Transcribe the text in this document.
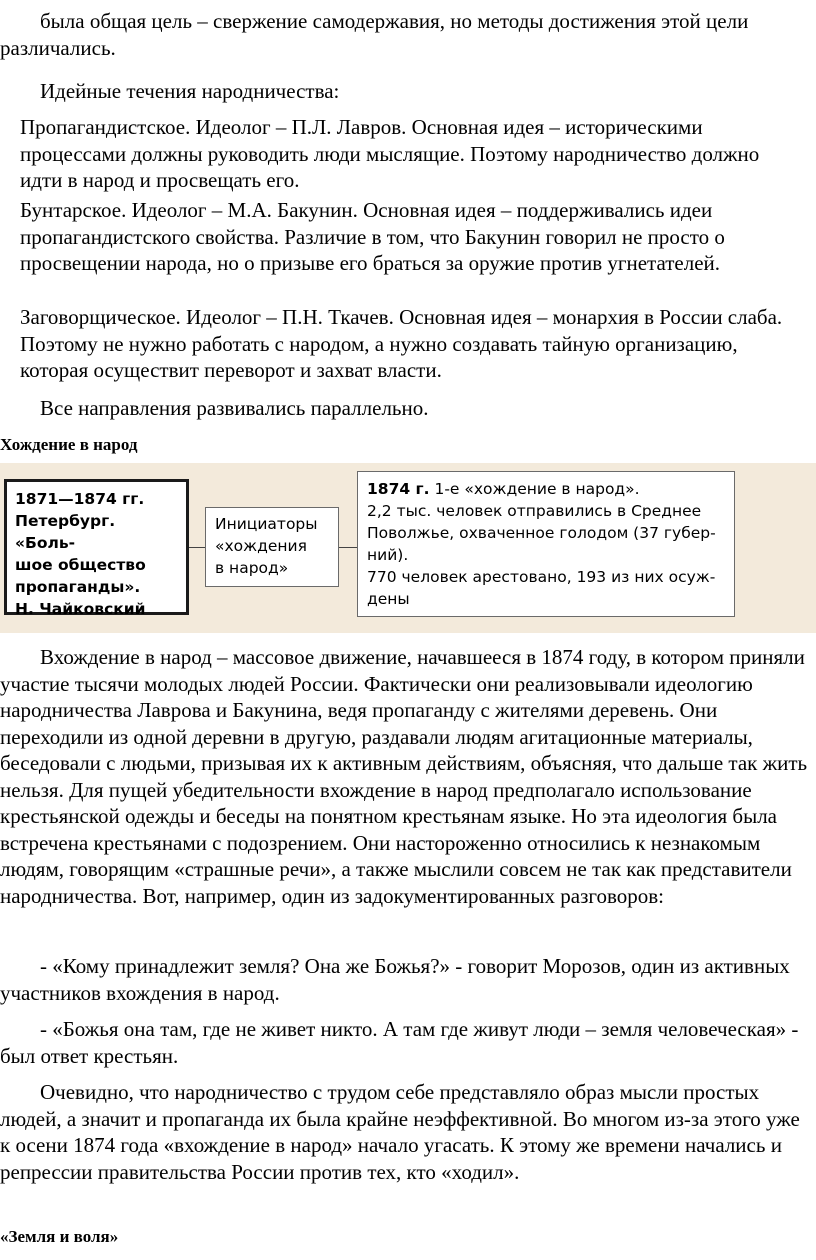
была общая цель – свержение самодержавия, но методы достижения этой цели различались.

Идейные течения народничества:

Пропагандистское. Идеолог – П.Л. Лавров. Основная идея – историческими процессами должны руководить люди мыслящие. Поэтому народничество должно идти в народ и просвещать его.

Бунтарское. Идеолог – М.А. Бакунин. Основная идея – поддерживались идеи пропагандистского свойства. Различие в том, что Бакунин говорил не просто о просвещении народа, но о призыве его браться за оружие против угнетателей.

Заговорщическое. Идеолог – П.Н. Ткачев. Основная идея – монархия в России слаба. Поэтому не нужно работать с народом, а нужно создавать тайную организацию, которая осуществит переворот и захват власти.

Все направления развивались параллельно.

Хождение в народ
1871—1874 гг.
Петербург. «Боль-
шое общество
пропаганды».
Н. Чайковский
Инициаторы
«хождения
в народ»
1874 г. 1-е «хождение в народ».
2,2 тыс. человек отправились в Среднее
Поволжье, охваченное голодом (37 губер-
ний).
770 человек арестовано, 193 из них осуж-
дены

Вхождение в народ – массовое движение, начавшееся в 1874 году, в котором приняли участие тысячи молодых людей России. Фактически они реализовывали идеологию народничества Лаврова и Бакунина, ведя пропаганду с жителями деревень. Они переходили из одной деревни в другую, раздавали людям агитационные материалы, беседовали с людьми, призывая их к активным действиям, объясняя, что дальше так жить нельзя. Для пущей убедительности вхождение в народ предполагало использование крестьянской одежды и беседы на понятном крестьянам языке. Но эта идеология была встречена крестьянами с подозрением. Они настороженно относились к незнакомым людям, говорящим «страшные речи», а также мыслили совсем не так как представители народничества. Вот, например, один из задокументированных разговоров:

- «Кому принадлежит земля? Она же Божья?» - говорит Морозов, один из активных участников вхождения в народ.

- «Божья она там, где не живет никто. А там где живут люди – земля человеческая» - был ответ крестьян.

Очевидно, что народничество с трудом себе представляло образ мысли простых людей, а значит и пропаганда их была крайне неэффективной. Во многом из-за этого уже к осени 1874 года «вхождение в народ» начало угасать. К этому же времени начались и репрессии правительства России против тех, кто «ходил».

«Земля и воля»
